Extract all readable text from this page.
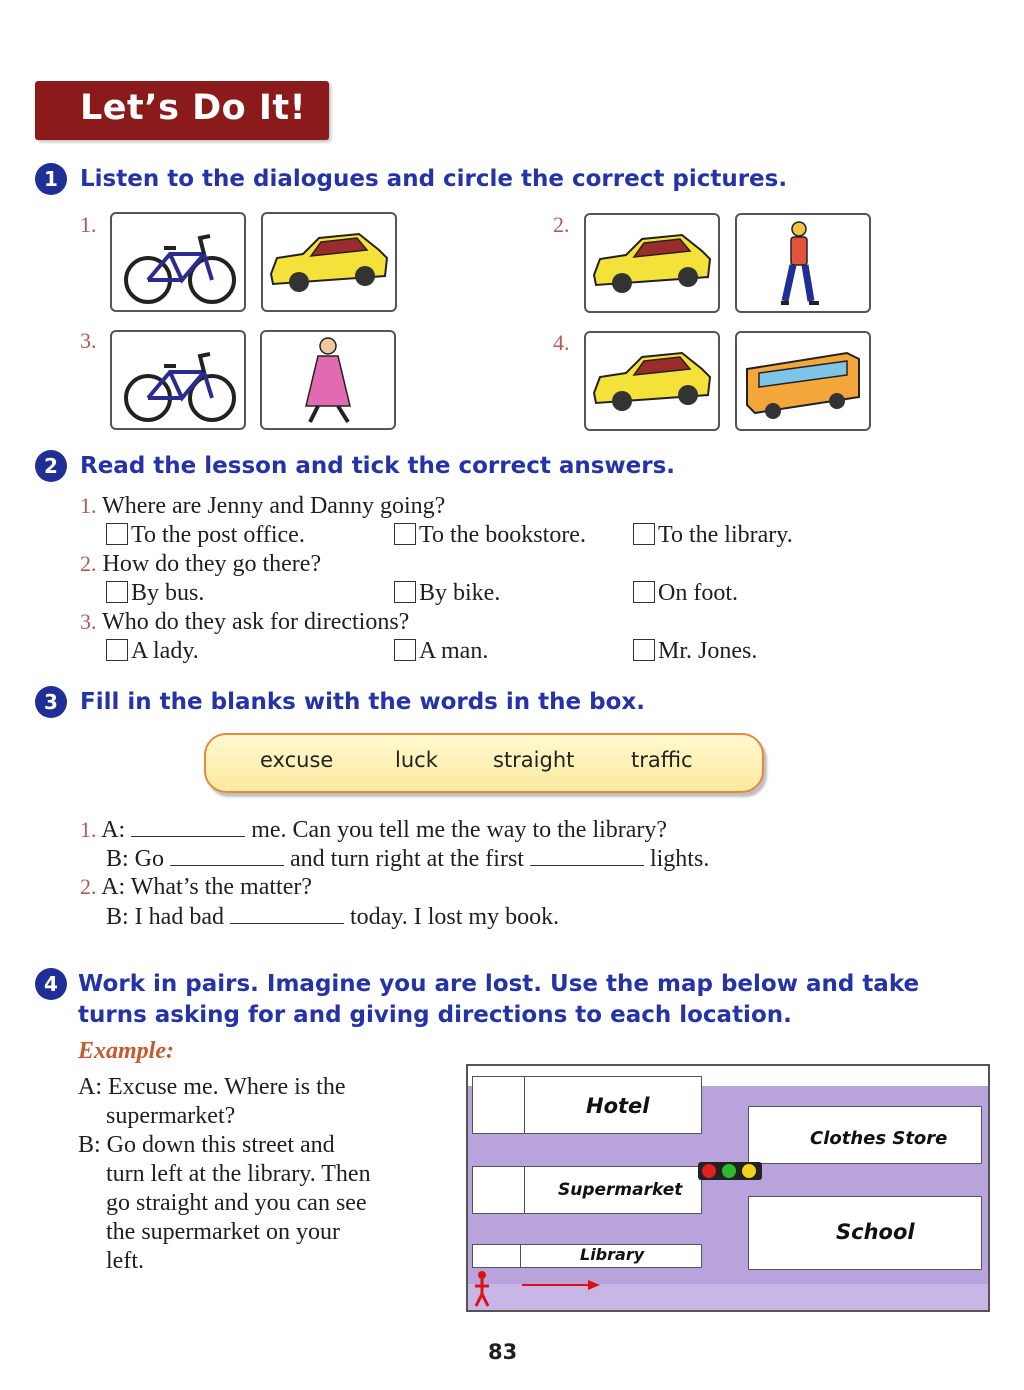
Let’s Do It!
1 Listen to the dialogues and circle the correct pictures.
1.	2.
3.	4.
2 Read the lesson and tick the correct answers.
1. Where are Jenny and Danny going?
To the post office.	To the bookstore.	To the library.
2. How do they go there?
By bus.	By bike.	On foot.
3. Who do they ask for directions?
A lady.	A man.	Mr. Jones.
3 Fill in the blanks with the words in the box.
excuse	luck	straight	traffic
1. A:	me. Can you tell me the way to the library?
B: Go	and turn right at the first	lights.
2. A: What’s the matter?
B: I had bad	today. I lost my book.
4 Work in pairs. Imagine you are lost. Use the map below and take
turns asking for and giving directions to each location.
Example:
A: Excuse me. Where is the
supermarket?
B: Go down this street and
turn left at the library. Then
go straight and you can see
the supermarket on your
left.
Hotel
Clothes Store
Supermarket
School
Library
83
